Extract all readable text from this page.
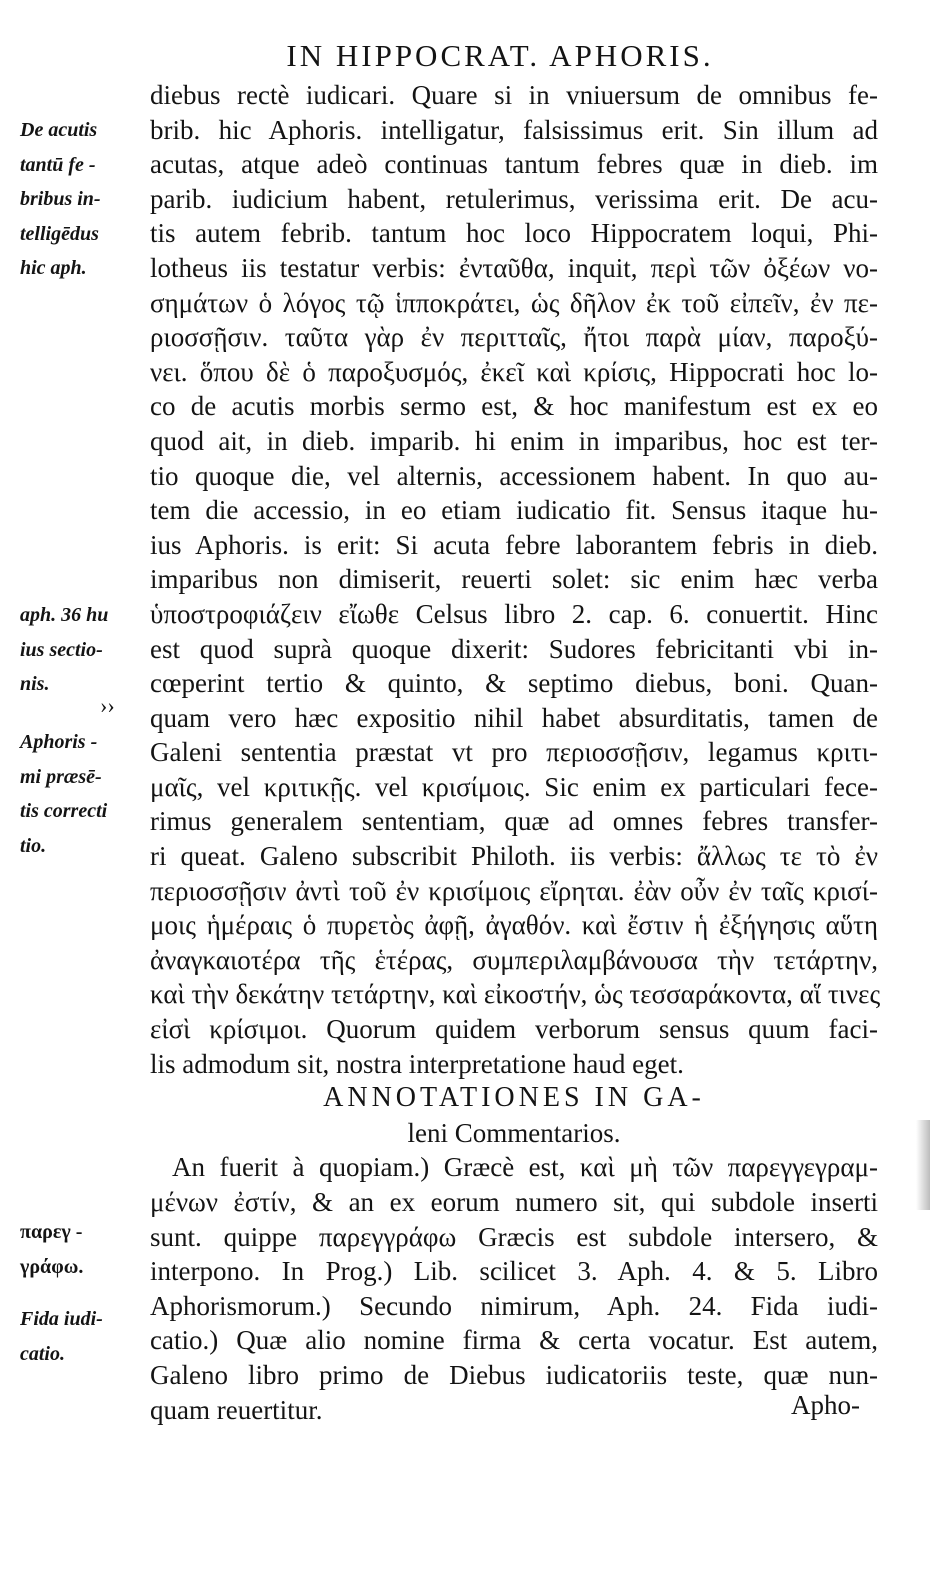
IN HIPPOCRAT. APHORIS.
diebus rectè iudicari. Quare si in vniuersum de omnibus fe-
brib. hic Aphoris. intelligatur, falsissimus erit. Sin illum ad
acutas, atque adeò continuas tantum febres quæ in dieb. im
parib. iudicium habent, retulerimus, verissima erit. De acu-
tis autem febrib. tantum hoc loco Hippocratem loqui, Phi-
lotheus iis testatur verbis: ἐνταῦθα, inquit, περὶ τῶν ὀξέων νο-
σημάτων ὁ λόγος τῷ ἱπποκράτει, ὡς δῆλον ἐκ τοῦ εἰπεῖν, ἐν πε-
ριοσσῇσιν. ταῦτα γὰρ ἐν περιτταῖς, ἤτοι παρὰ μίαν, παροξύ-
νει. ὅπου δὲ ὁ παροξυσμός, ἐκεῖ καὶ κρίσις, Hippocrati hoc lo-
co de acutis morbis sermo est, & hoc manifestum est ex eo
quod ait, in dieb. imparib. hi enim in imparibus, hoc est ter-
tio quoque die, vel alternis, accessionem habent. In quo au-
tem die accessio, in eo etiam iudicatio fit. Sensus itaque hu-
ius Aphoris. is erit: Si acuta febre laborantem febris in dieb.
imparibus non dimiserit, reuerti solet: sic enim hæc verba
ὑποστροφιάζειν εἴωθε Celsus libro 2. cap. 6. conuertit. Hinc
est quod suprà quoque dixerit: Sudores febricitanti vbi in-
cœperint tertio & quinto, & septimo diebus, boni. Quan-
quam vero hæc expositio nihil habet absurditatis, tamen de
Galeni sententia præstat vt pro περιοσσῇσιν, legamus κριτι-
μαῖς, vel κριτικῇς. vel κρισίμοις. Sic enim ex particulari fece-
rimus generalem sententiam, quæ ad omnes febres transfer-
ri queat. Galeno subscribit Philoth. iis verbis: ἄλλως τε τὸ ἐν
περιοσσῇσιν ἀντὶ τοῦ ἐν κρισίμοις εἴρηται. ἐὰν οὖν ἐν ταῖς κρισί-
μοις ἡμέραις ὁ πυρετὸς ἀφῇ, ἀγαθόν. καὶ ἔστιν ἡ ἐξήγησις αὕτη
ἀναγκαιοτέρα τῆς ἑτέρας, συμπεριλαμβάνουσα τὴν τετάρτην,
καὶ τὴν δεκάτην τετάρτην, καὶ εἰκοστήν, ὡς τεσσαράκοντα, αἵ τινες
εἰσὶ κρίσιμοι. Quorum quidem verborum sensus quum faci-
lis admodum sit, nostra interpretatione haud eget.
ANNOTATIONES IN GA-
leni Commentarios.
An fuerit à quopiam.) Græcè est, καὶ μὴ τῶν παρεγγεγραμ-
μένων ἐστίν, & an ex eorum numero sit, qui subdole inserti
sunt. quippe παρεγγράφω Græcis est subdole intersero, &
interpono. In Prog.) Lib. scilicet 3. Aph. 4. & 5. Libro
Aphorismorum.) Secundo nimirum, Aph. 24. Fida iudi-
catio.) Quæ alio nomine firma & certa vocatur. Est autem,
Galeno libro primo de Diebus iudicatoriis teste, quæ nun-
quam reuertitur.
De acutis
tantū fe -
bribus in-
telligēdus
hic aph.
aph. 36 hu
ius sectio-
nis.
››
Aphoris -
mi præsē-
tis correcti
tio.
παρεγ -
γράφω.
Fida iudi-
catio.
Apho-
